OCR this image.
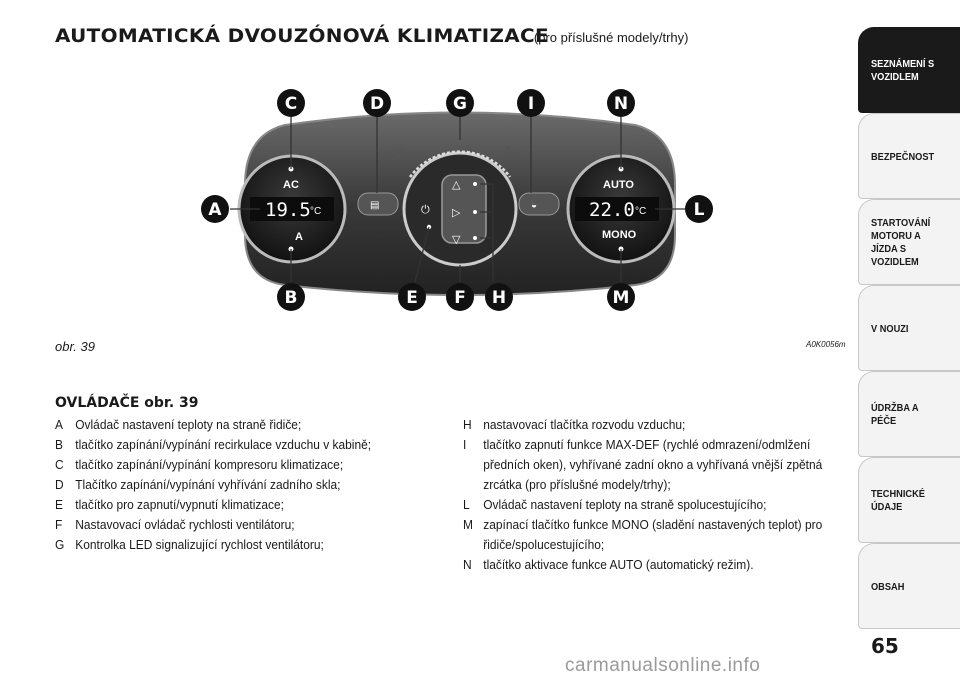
AUTOMATICKÁ DVOUZÓNOVÁ KLIMATIZACE (pro příslušné modely/trhy)
19.5 °C
AC
A
22.0 °C
AUTO
MONO
△
▷
▽
⏻
▤	◒
✣	✣
C	D	G	I	N
A	L
B	E F H	M
obr. 39	A0K0056m
OVLÁDAČE obr. 39
A Ovládač nastavení teploty na straně řidiče;
B tlačítko zapínání/vypínání recirkulace vzduchu v kabině;
C tlačítko zapínání/vypínání kompresoru klimatizace;
D Tlačítko zapínání/vypínání vyhřívání zadního skla;
E tlačítko pro zapnutí/vypnutí klimatizace;
F Nastavovací ovládač rychlosti ventilátoru;
G Kontrolka LED signalizující rychlost ventilátoru;
H nastavovací tlačítka rozvodu vzduchu;
I	tlačítko zapnutí funkce MAX-DEF (rychlé odmrazení/odmlžení předních oken), vyhřívané zadní okno a vyhřívaná vnější zpětná zrcátka (pro příslušné modely/trhy);
L	Ovládač nastavení teploty na straně spolucestujícího;
M zapínací tlačítko funkce MONO (sladění nastavených teplot) pro řidiče/spolucestujícího;
N tlačítko aktivace funkce AUTO (automatický režim).
SEZNÁMENÍ S VOZIDLEM
BEZPEČNOST
STARTOVÁNÍ MOTORU A JÍZDA S VOZIDLEM
V NOUZI
ÚDRŽBA A PÉČE
TECHNICKÉ ÚDAJE
OBSAH
65
carmanualsonline.info
